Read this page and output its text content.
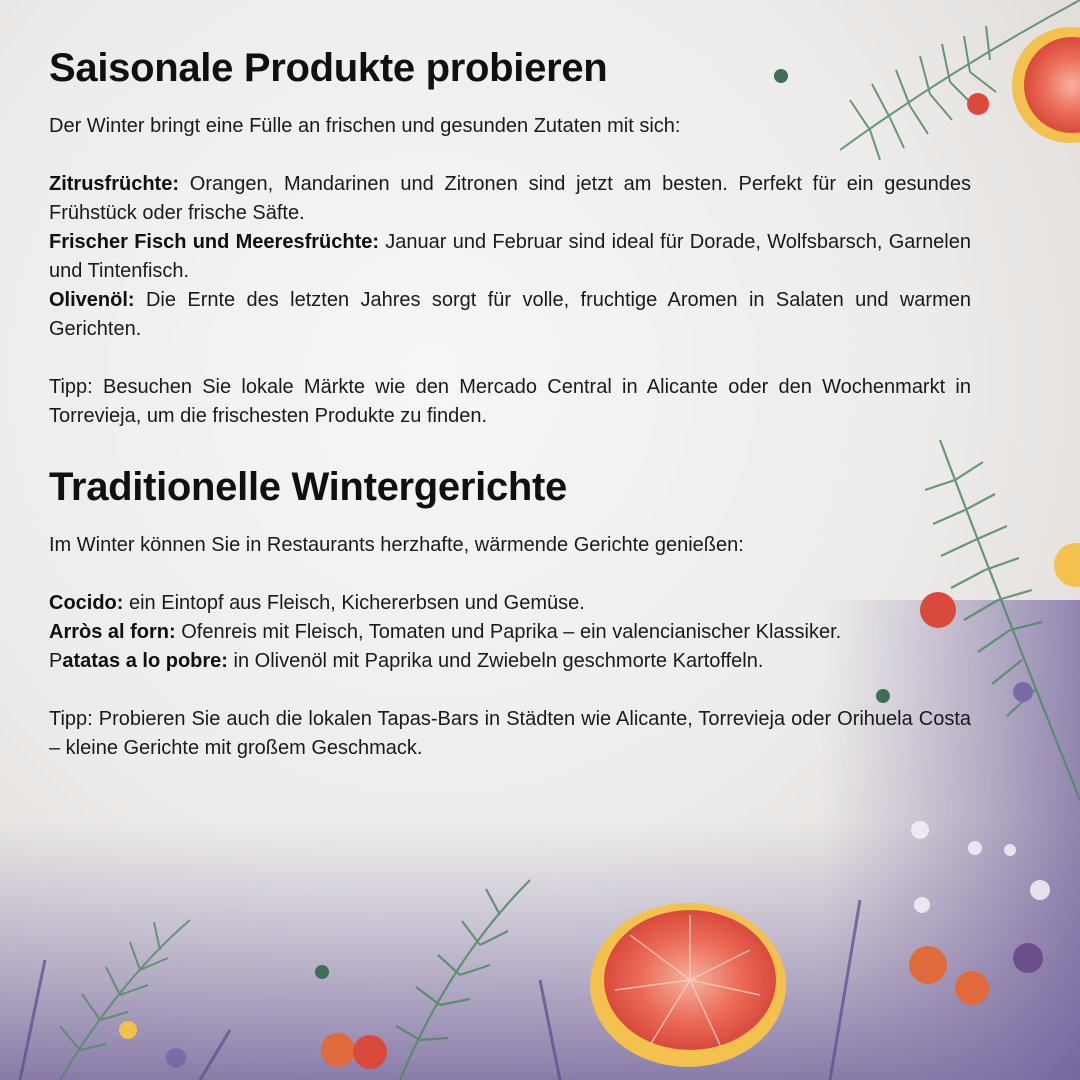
Saisonale Produkte probieren

Der Winter bringt eine Fülle an frischen und gesunden Zutaten mit sich:

Zitrusfrüchte: Orangen, Mandarinen und Zitronen sind jetzt am besten. Perfekt für ein gesundes Frühstück oder frische Säfte.

Frischer Fisch und Meeresfrüchte: Januar und Februar sind ideal für Dorade, Wolfsbarsch, Garnelen und Tintenfisch.

Olivenöl: Die Ernte des letzten Jahres sorgt für volle, fruchtige Aromen in Salaten und warmen Gerichten.

Tipp: Besuchen Sie lokale Märkte wie den Mercado Central in Alicante oder den Wochenmarkt in Torrevieja, um die frischesten Produkte zu finden.

Traditionelle Wintergerichte

Im Winter können Sie in Restaurants herzhafte, wärmende Gerichte genießen:

Cocido: ein Eintopf aus Fleisch, Kichererbsen und Gemüse.

Arròs al forn: Ofenreis mit Fleisch, Tomaten und Paprika – ein valencianischer Klassiker.

Patatas a lo pobre: in Olivenöl mit Paprika und Zwiebeln geschmorte Kartoffeln.

Tipp: Probieren Sie auch die lokalen Tapas-Bars in Städten wie Alicante, Torrevieja oder Orihuela Costa – kleine Gerichte mit großem Geschmack.
